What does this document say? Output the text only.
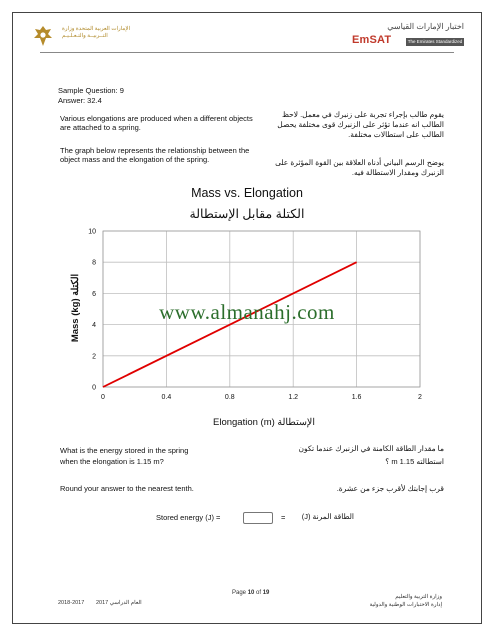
الإمارات العربية المتحدة وزارة التــربيــة والتـعـلـيـم
اختبار الإمارات القياسي
EmSAT	The Emirates Standardized Test
Sample Question: 9
Answer: 32.4
Various elongations are produced when a different objects are attached to a spring.
The graph below represents the relationship between the object mass and the elongation of the spring.
يقوم طالب بإجراء تجربة على زنبرك في معمل. لاحظ الطالب انه عندما تؤثر على الزنبرك قوى مختلفة يحصل الطالب على استطالات مختلفة.
يوضح الرسم البياني أدناه العلاقة بين القوة المؤثرة على الزنبرك ومقدار الاستطالة فيه.
Mass vs. Elongation
الكتلة مقابل الإستطالة
0	0.4	0.8	1.2	1.6	2
0
2
4
6
8
10
Elongation (m) الإستطالة
Mass (kg) الكتلة
www.almanahj.com
What is the energy stored in the spring
when the elongation is 1.15 m?
ما مقدار الطاقة الكامنة في الزنبرك عندما تكون
استطالته 1.15 m ؟
Round your answer to the nearest tenth.	قرب إجابتك لأقرب جزء من عشرة.
Stored energy (J) =	=	الطاقة المرنة (J)
Page 10 of 19
2018-2017 العام الدراسي 2017
وزارة التربية والتعليم
إدارة الاختبارات الوطنية والدولية
